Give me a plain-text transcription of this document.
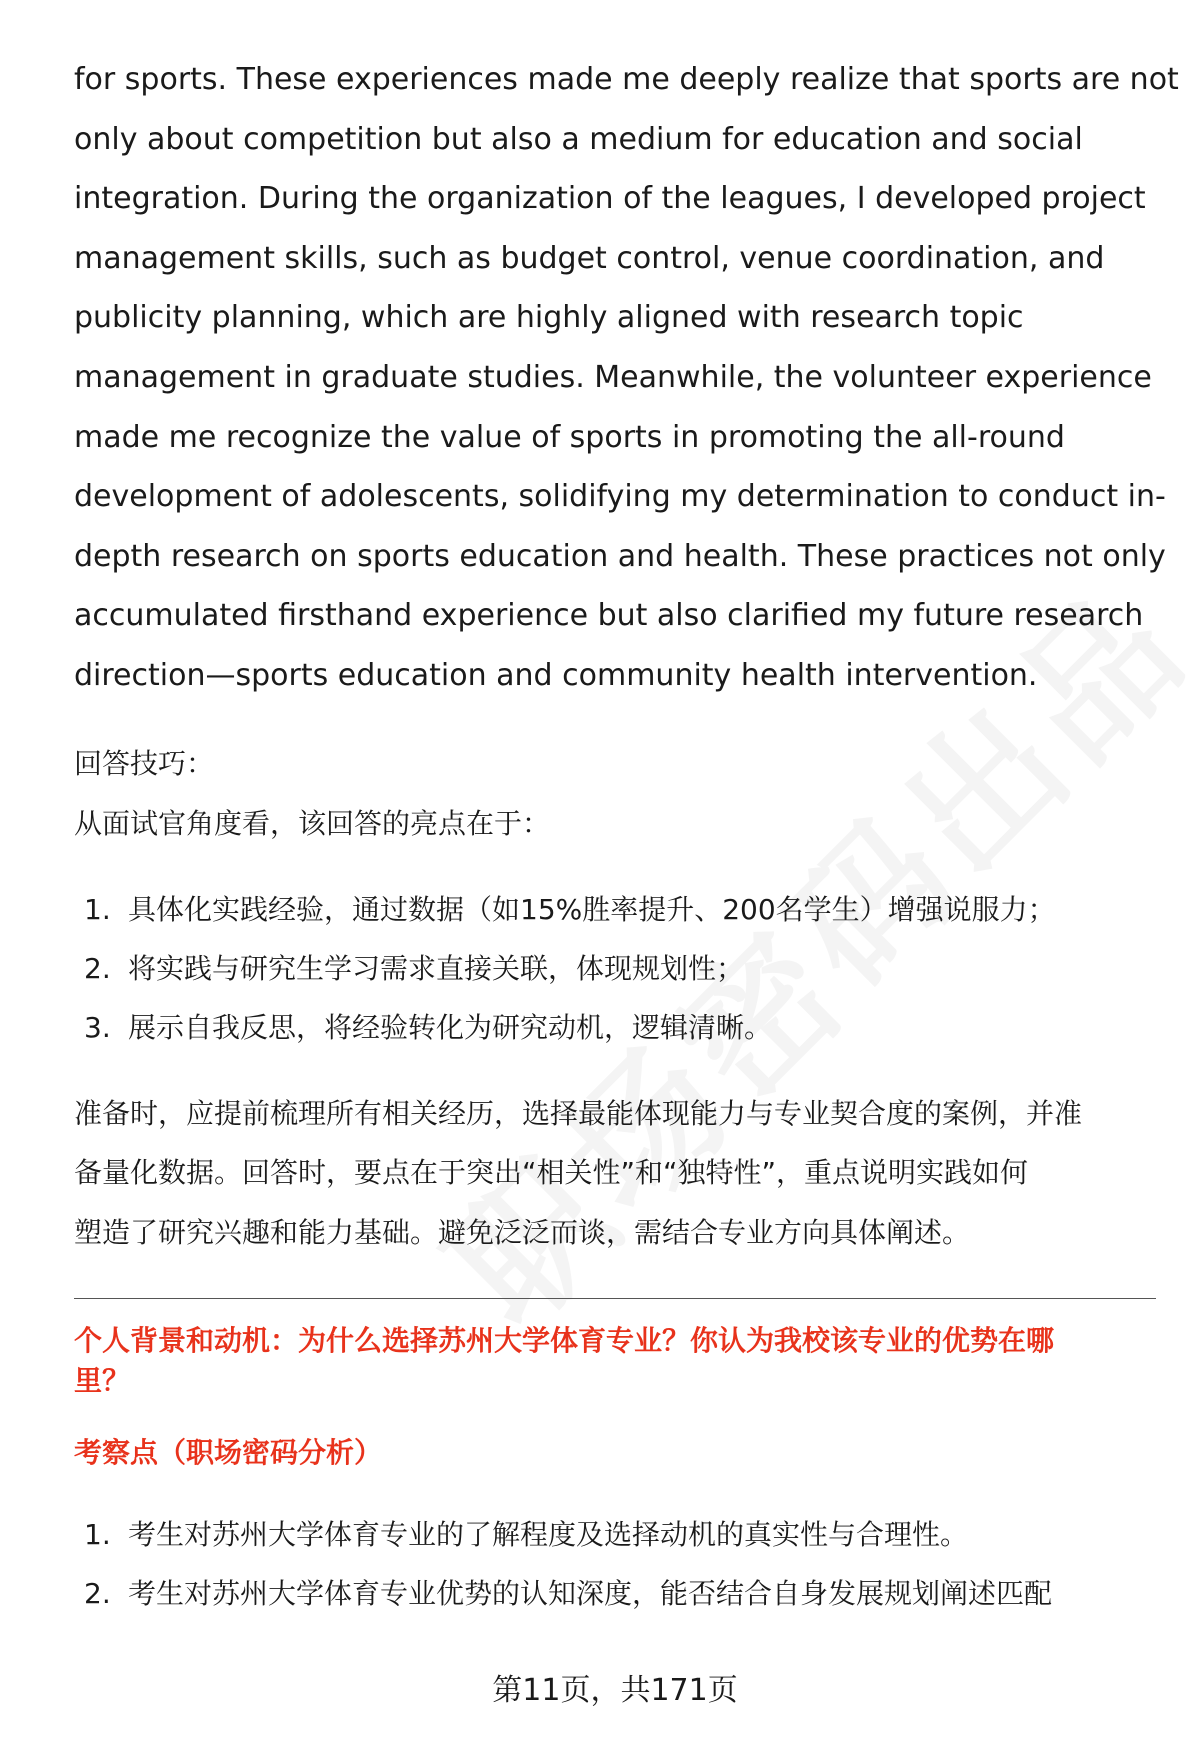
for sports. These experiences made me deeply realize that sports are not
only about competition but also a medium for education and social
integration. During the organization of the leagues, I developed project
management skills, such as budget control, venue coordination, and
publicity planning, which are highly aligned with research topic
management in graduate studies. Meanwhile, the volunteer experience
made me recognize the value of sports in promoting the all-round
development of adolescents, solidifying my determination to conduct in-
depth research on sports education and health. These practices not only
accumulated firsthand experience but also clarified my future research
direction—sports education and community health intervention.

回答技巧：

从面试官角度看，该回答的亮点在于：

1. 具体化实践经验，通过数据（如15%胜率提升、200名学生）增强说服力；
2. 将实践与研究生学习需求直接关联，体现规划性；
3. 展示自我反思，将经验转化为研究动机，逻辑清晰。

准备时，应提前梳理所有相关经历，选择最能体现能力与专业契合度的案例，并准
备量化数据。回答时，要点在于突出“相关性”和“独特性”，重点说明实践如何
塑造了研究兴趣和能力基础。避免泛泛而谈，需结合专业方向具体阐述。

个人背景和动机：为什么选择苏州大学体育专业？你认为我校该专业的优势在哪
里？

考察点（职场密码分析）

1. 考生对苏州大学体育专业的了解程度及选择动机的真实性与合理性。
2. 考生对苏州大学体育专业优势的认知深度，能否结合自身发展规划阐述匹配
第11页，共171页
